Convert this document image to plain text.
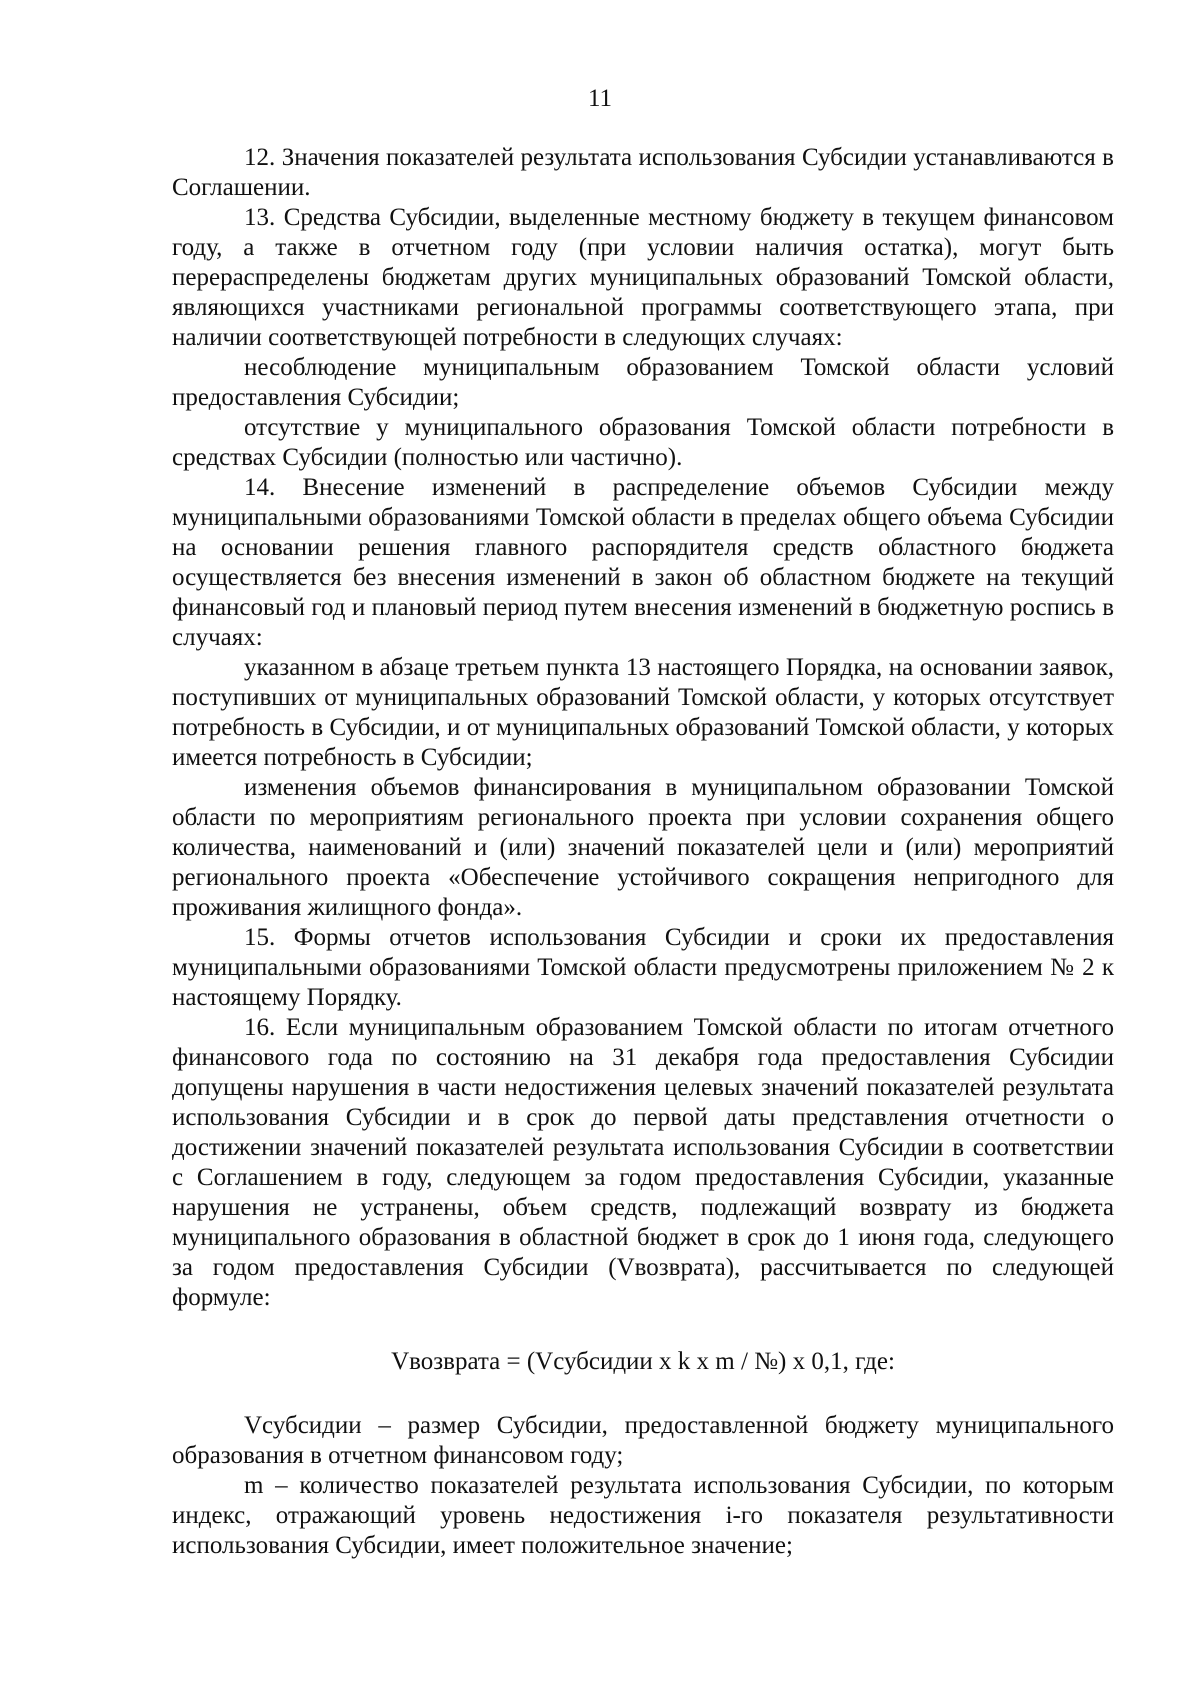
11

12. Значения показателей результата использования Субсидии устанавливаются в Соглашении.

13. Средства Субсидии, выделенные местному бюджету в текущем финансовом году, а также в отчетном году (при условии наличия остатка), могут быть перераспределены бюджетам других муниципальных образований Томской области, являющихся участниками региональной программы соответствующего этапа, при наличии соответствующей потребности в следующих случаях:

несоблюдение муниципальным образованием Томской области условий предоставления Субсидии;

отсутствие у муниципального образования Томской области потребности в средствах Субсидии (полностью или частично).

14. Внесение изменений в распределение объемов Субсидии между муниципальными образованиями Томской области в пределах общего объема Субсидии на основании решения главного распорядителя средств областного бюджета осуществляется без внесения изменений в закон об областном бюджете на текущий финансовый год и плановый период путем внесения изменений в бюджетную роспись в случаях:

указанном в абзаце третьем пункта 13 настоящего Порядка, на основании заявок, поступивших от муниципальных образований Томской области, у которых отсутствует потребность в Субсидии, и от муниципальных образований Томской области, у которых имеется потребность в Субсидии;

изменения объемов финансирования в муниципальном образовании Томской области по мероприятиям регионального проекта при условии сохранения общего количества, наименований и (или) значений показателей цели и (или) мероприятий регионального проекта «Обеспечение устойчивого сокращения непригодного для проживания жилищного фонда».

15. Формы отчетов использования Субсидии и сроки их предоставления муниципальными образованиями Томской области предусмотрены приложением № 2 к настоящему Порядку.

16. Если муниципальным образованием Томской области по итогам отчетного финансового года по состоянию на 31 декабря года предоставления Субсидии допущены нарушения в части недостижения целевых значений показателей результата использования Субсидии и в срок до первой даты представления отчетности о достижении значений показателей результата использования Субсидии в соответствии с Соглашением в году, следующем за годом предоставления Субсидии, указанные нарушения не устранены, объем средств, подлежащий возврату из бюджета муниципального образования в областной бюджет в срок до 1 июня года, следующего за годом предоставления Субсидии (Vвозврата), рассчитывается по следующей формуле:

Vвозврата = (Vсубсидии x k x m / №) x 0,1, где:

Vсубсидии – размер Субсидии, предоставленной бюджету муниципального образования в отчетном финансовом году;

m – количество показателей результата использования Субсидии, по которым индекс, отражающий уровень недостижения i-го показателя результативности использования Субсидии, имеет положительное значение;
